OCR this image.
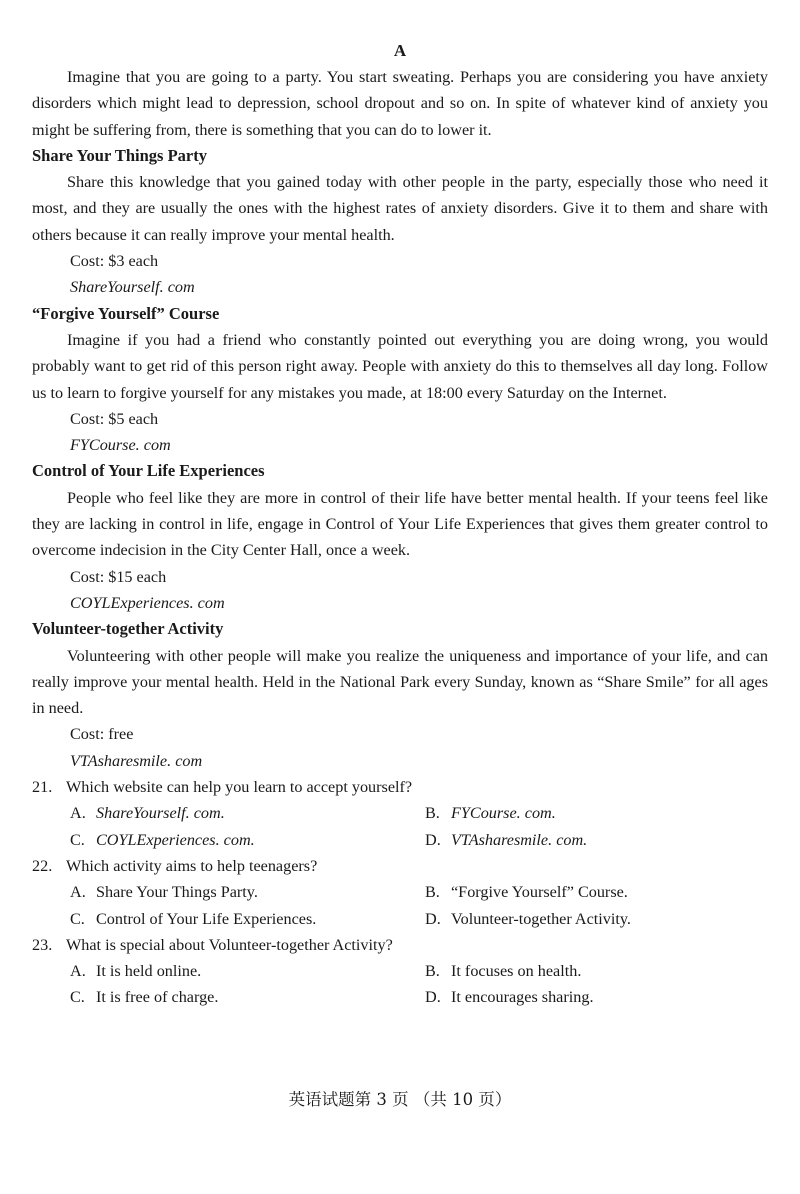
A

Imagine that you are going to a party. You start sweating. Perhaps you are considering you have anxiety disorders which might lead to depression, school dropout and so on. In spite of whatever kind of anxiety you might be suffering from, there is something that you can do to lower it.

Share Your Things Party

Share this knowledge that you gained today with other people in the party, especially those who need it most, and they are usually the ones with the highest rates of anxiety disorders. Give it to them and share with others because it can really improve your mental health.

Cost: $3 each

ShareYourself. com

“Forgive Yourself” Course

Imagine if you had a friend who constantly pointed out everything you are doing wrong, you would probably want to get rid of this person right away. People with anxiety do this to themselves all day long. Follow us to learn to forgive yourself for any mistakes you made, at 18:00 every Saturday on the Internet.

Cost: $5 each

FYCourse. com

Control of Your Life Experiences

People who feel like they are more in control of their life have better mental health. If your teens feel like they are lacking in control in life, engage in Control of Your Life Experiences that gives them greater control to overcome indecision in the City Center Hall, once a week.

Cost: $15 each

COYLExperiences. com

Volunteer-together Activity

Volunteering with other people will make you realize the uniqueness and importance of your life, and can really improve your mental health. Held in the National Park every Sunday, known as “Share Smile” for all ages in need.

Cost: free

VTAsharesmile. com

21. Which website can help you learn to accept yourself?
A. ShareYourself. com.	B. FYCourse. com.
C. COYLExperiences. com.	D. VTAsharesmile. com.
22. Which activity aims to help teenagers?
A. Share Your Things Party.	B. “Forgive Yourself” Course.
C. Control of Your Life Experiences.	D. Volunteer-together Activity.
23. What is special about Volunteer-together Activity?
A. It is held online.	B. It focuses on health.
C. It is free of charge.	D. It encourages sharing.
英语试题第 3 页 （共 10 页）
